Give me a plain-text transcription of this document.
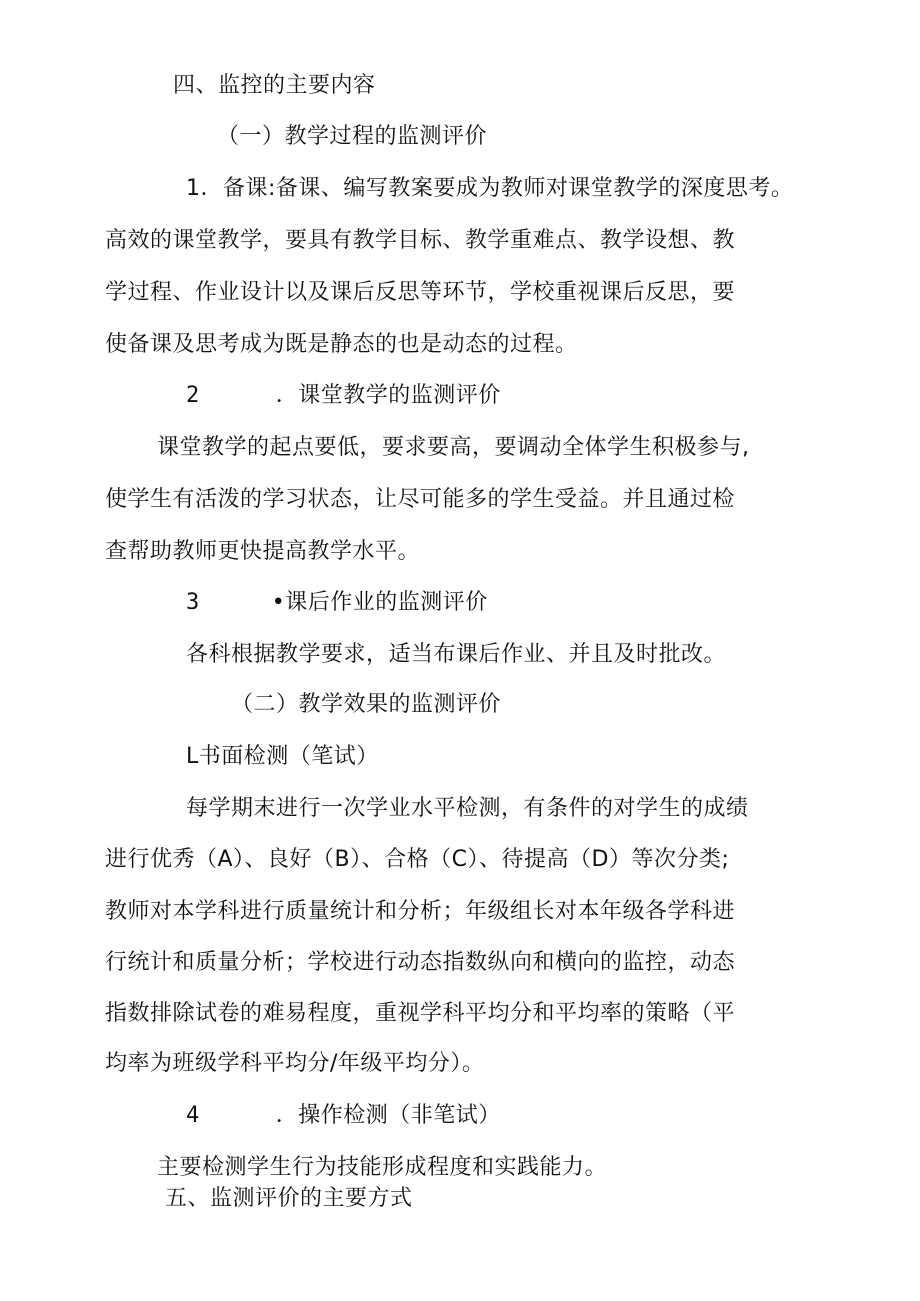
四、监控的主要内容
（一）教学过程的监测评价
1．备课:备课、编写教案要成为教师对课堂教学的深度思考。
高效的课堂教学，要具有教学目标、教学重难点、教学设想、教
学过程、作业设计以及课后反思等环节，学校重视课后反思，要
使备课及思考成为既是静态的也是动态的过程。
2	．课堂教学的监测评价
课堂教学的起点要低，要求要高，要调动全体学生积极参与,
使学生有活泼的学习状态，让尽可能多的学生受益。并且通过检
查帮助教师更快提高教学水平。
3	•课后作业的监测评价
各科根据教学要求，适当布课后作业、并且及时批改。
（二）教学效果的监测评价
L书面检测（笔试）
每学期末进行一次学业水平检测，有条件的对学生的成绩
进行优秀（A）、良好（B）、合格（C）、待提高（D）等次分类;
教师对本学科进行质量统计和分析；年级组长对本年级各学科进
行统计和质量分析；学校进行动态指数纵向和横向的监控，动态
指数排除试卷的难易程度，重视学科平均分和平均率的策略（平
均率为班级学科平均分/年级平均分）。
4	．操作检测（非笔试）
主要检测学生行为技能形成程度和实践能力。
五、监测评价的主要方式
